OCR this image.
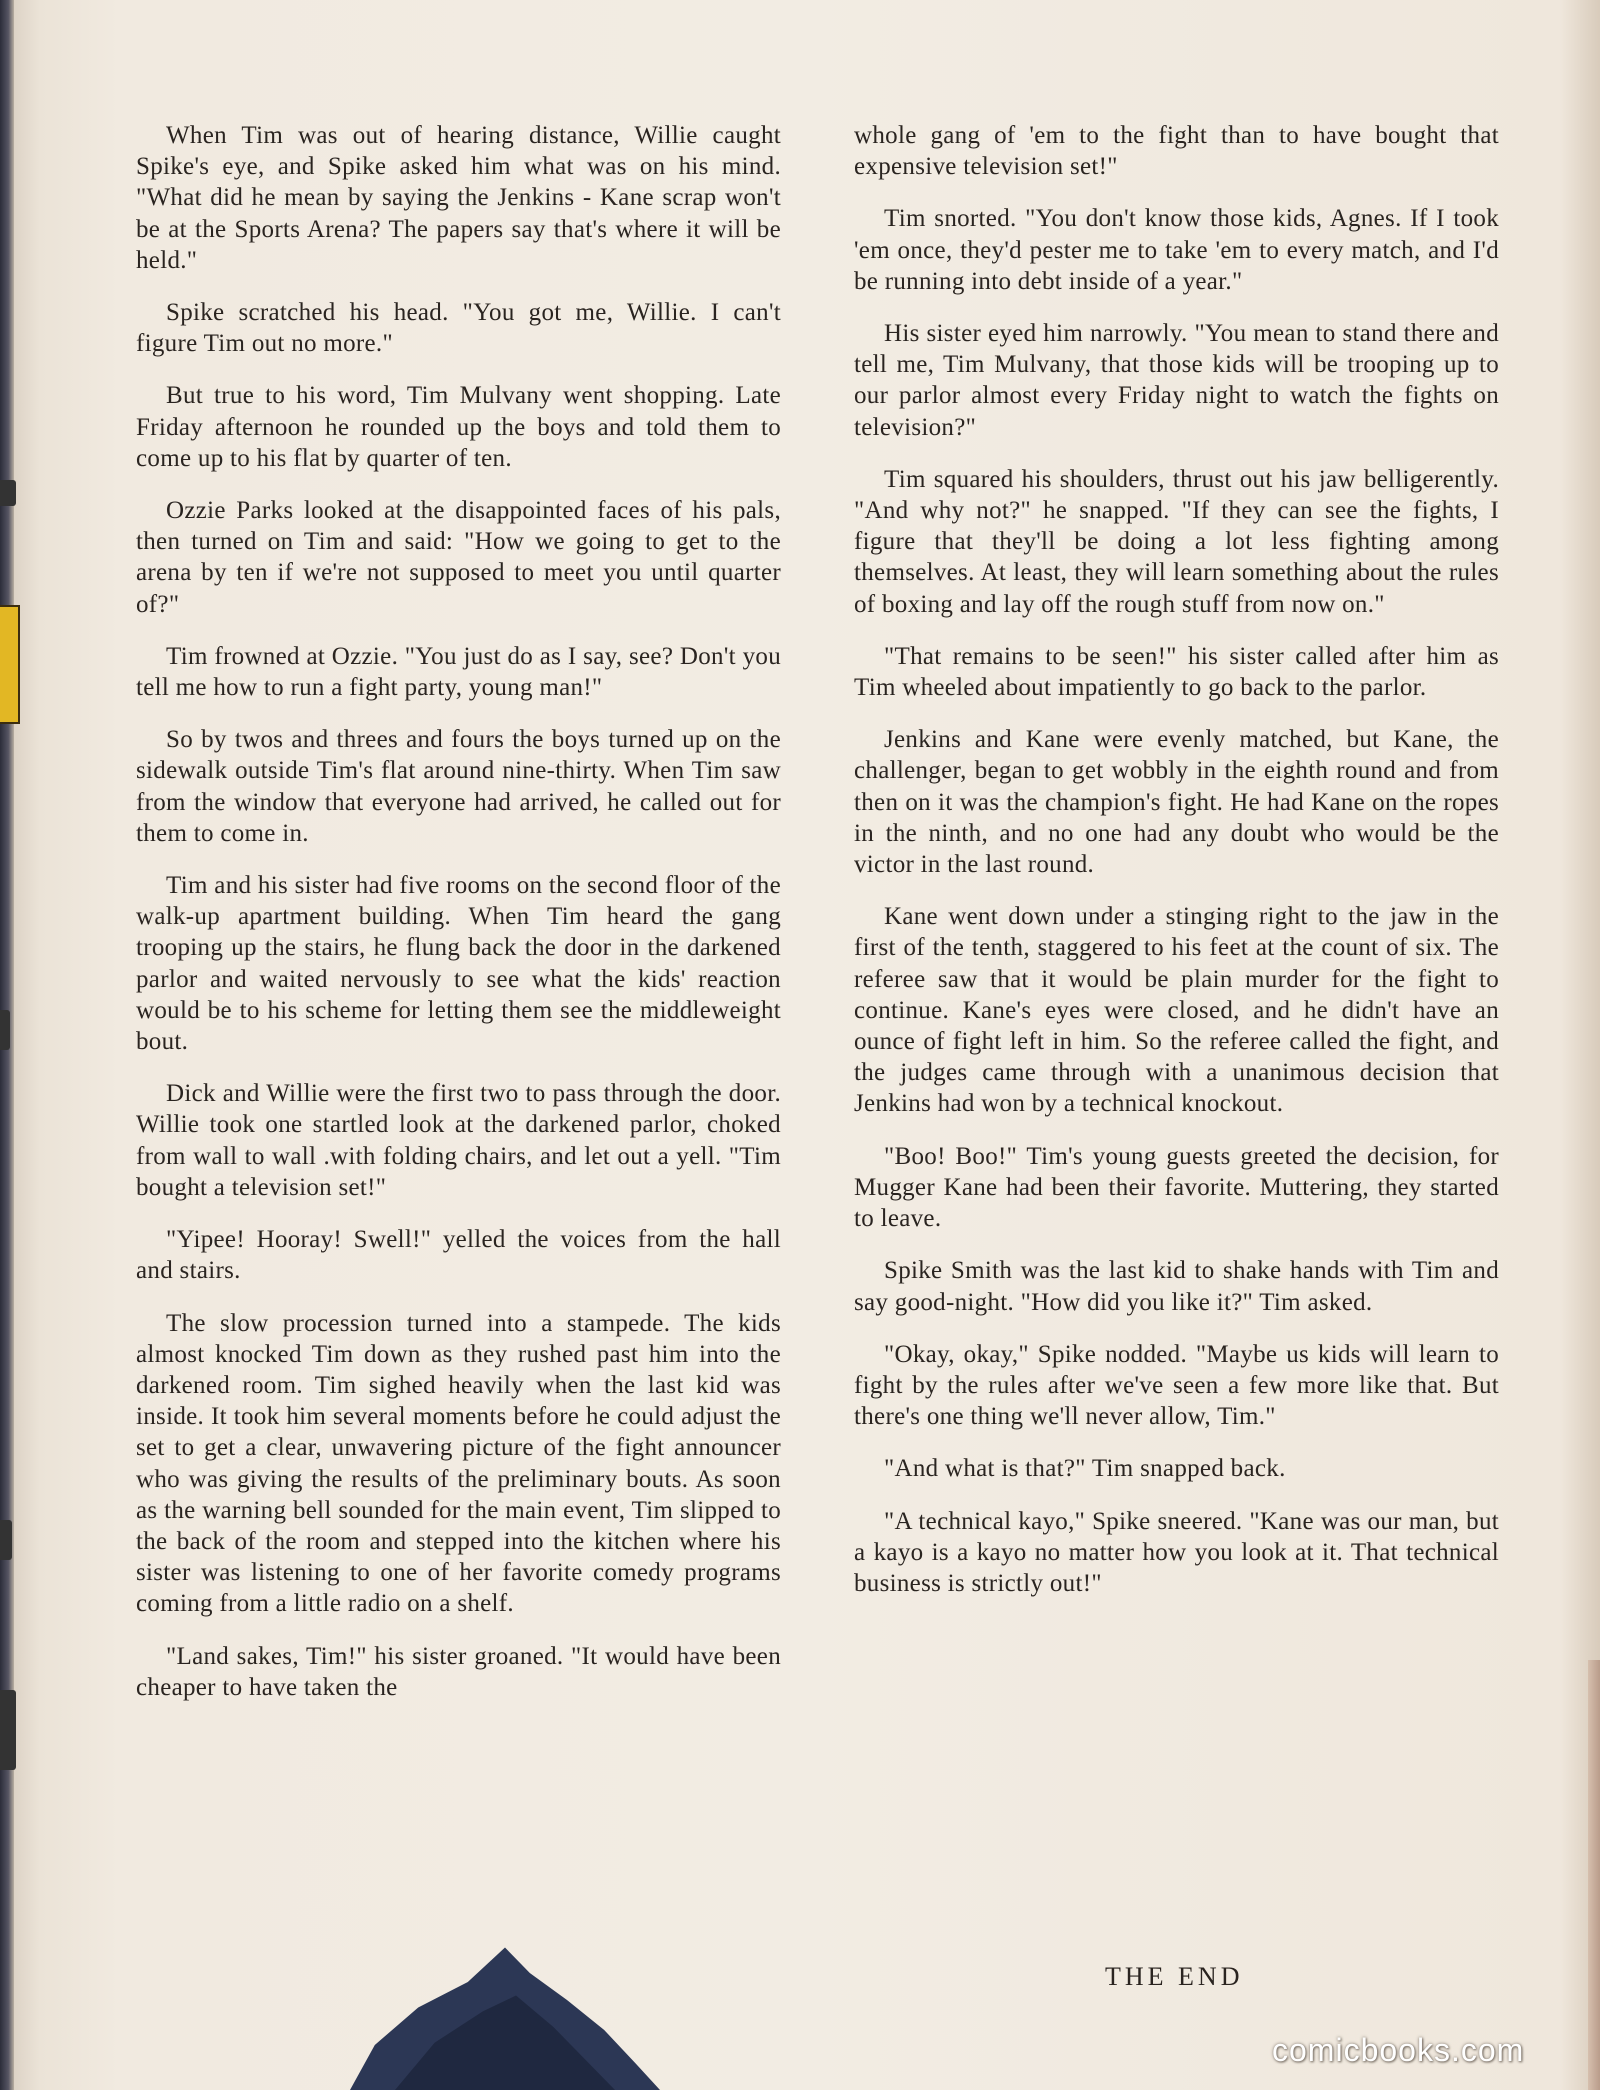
When Tim was out of hearing distance, Willie caught Spike's eye, and Spike asked him what was on his mind. "What did he mean by saying the Jenkins - Kane scrap won't be at the Sports Arena? The papers say that's where it will be held."

Spike scratched his head. "You got me, Willie. I can't figure Tim out no more."

But true to his word, Tim Mulvany went shopping. Late Friday afternoon he rounded up the boys and told them to come up to his flat by quarter of ten.

Ozzie Parks looked at the disappointed faces of his pals, then turned on Tim and said: "How we going to get to the arena by ten if we're not supposed to meet you until quarter of?"

Tim frowned at Ozzie. "You just do as I say, see? Don't you tell me how to run a fight party, young man!"

So by twos and threes and fours the boys turned up on the sidewalk outside Tim's flat around nine-thirty. When Tim saw from the window that everyone had arrived, he called out for them to come in.

Tim and his sister had five rooms on the second floor of the walk-up apartment building. When Tim heard the gang trooping up the stairs, he flung back the door in the darkened parlor and waited nervously to see what the kids' reaction would be to his scheme for letting them see the middleweight bout.

Dick and Willie were the first two to pass through the door. Willie took one startled look at the darkened parlor, choked from wall to wall .with folding chairs, and let out a yell. "Tim bought a television set!"

"Yipee! Hooray! Swell!" yelled the voices from the hall and stairs.

The slow procession turned into a stampede. The kids almost knocked Tim down as they rushed past him into the darkened room. Tim sighed heavily when the last kid was inside. It took him several moments before he could adjust the set to get a clear, unwavering picture of the fight announcer who was giving the results of the preliminary bouts. As soon as the warning bell sounded for the main event, Tim slipped to the back of the room and stepped into the kitchen where his sister was listening to one of her favorite comedy programs coming from a little radio on a shelf.

"Land sakes, Tim!" his sister groaned. "It would have been cheaper to have taken the

whole gang of 'em to the fight than to have bought that expensive television set!"

Tim snorted. "You don't know those kids, Agnes. If I took 'em once, they'd pester me to take 'em to every match, and I'd be running into debt inside of a year."

His sister eyed him narrowly. "You mean to stand there and tell me, Tim Mulvany, that those kids will be trooping up to our parlor almost every Friday night to watch the fights on television?"

Tim squared his shoulders, thrust out his jaw belligerently. "And why not?" he snapped. "If they can see the fights, I figure that they'll be doing a lot less fighting among themselves. At least, they will learn something about the rules of boxing and lay off the rough stuff from now on."

"That remains to be seen!" his sister called after him as Tim wheeled about impatiently to go back to the parlor.

Jenkins and Kane were evenly matched, but Kane, the challenger, began to get wobbly in the eighth round and from then on it was the champion's fight. He had Kane on the ropes in the ninth, and no one had any doubt who would be the victor in the last round.

Kane went down under a stinging right to the jaw in the first of the tenth, staggered to his feet at the count of six. The referee saw that it would be plain murder for the fight to continue. Kane's eyes were closed, and he didn't have an ounce of fight left in him. So the referee called the fight, and the judges came through with a unanimous decision that Jenkins had won by a technical knockout.

"Boo! Boo!" Tim's young guests greeted the decision, for Mugger Kane had been their favorite. Muttering, they started to leave.

Spike Smith was the last kid to shake hands with Tim and say good-night. "How did you like it?" Tim asked.

"Okay, okay," Spike nodded. "Maybe us kids will learn to fight by the rules after we've seen a few more like that. But there's one thing we'll never allow, Tim."

"And what is that?" Tim snapped back.

"A technical kayo," Spike sneered. "Kane was our man, but a kayo is a kayo no matter how you look at it. That technical business is strictly out!"

THE END
comicbooks.com
